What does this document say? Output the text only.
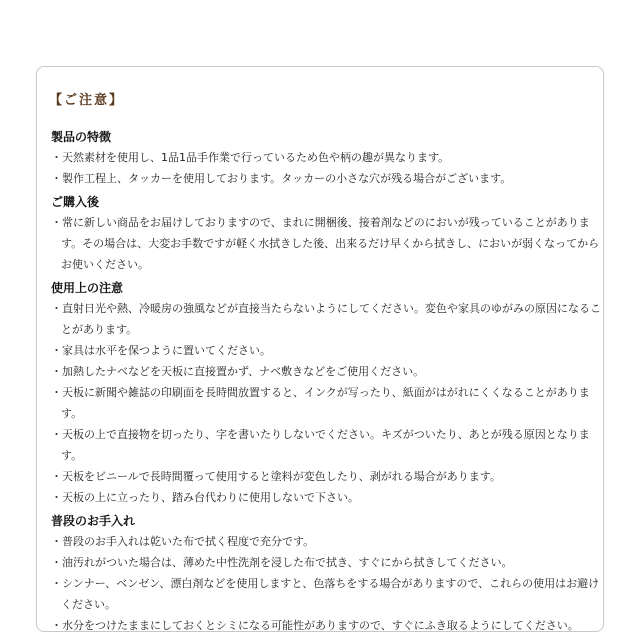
【ご注意】
製品の特徴
・天然素材を使用し、1品1品手作業で行っているため色や柄の趣が異なります。
・製作工程上、タッカーを使用しております。タッカーの小さな穴が残る場合がございます。
ご購入後
・常に新しい商品をお届けしておりますので、まれに開梱後、接着剤などのにおいが残っていることがあります。その場合は、大変お手数ですが軽く水拭きした後、出来るだけ早くから拭きし、においが弱くなってからお使いください。
使用上の注意
・直射日光や熱、冷暖房の強風などが直接当たらないようにしてください。変色や家具のゆがみの原因になることがあります。
・家具は水平を保つように置いてください。
・加熱したナベなどを天板に直接置かず、ナベ敷きなどをご使用ください。
・天板に新聞や雑誌の印刷面を長時間放置すると、インクが写ったり、紙面がはがれにくくなることがあります。
・天板の上で直接物を切ったり、字を書いたりしないでください。キズがついたり、あとが残る原因となります。
・天板をビニールで長時間覆って使用すると塗料が変色したり、剥がれる場合があります。
・天板の上に立ったり、踏み台代わりに使用しないで下さい。
普段のお手入れ
・普段のお手入れは乾いた布で拭く程度で充分です。
・油汚れがついた場合は、薄めた中性洗剤を浸した布で拭き、すぐにから拭きしてください。
・シンナー、ベンゼン、漂白剤などを使用しますと、色落ちをする場合がありますので、これらの使用はお避けください。
・水分をつけたままにしておくとシミになる可能性がありますので、すぐにふき取るようにしてください。
